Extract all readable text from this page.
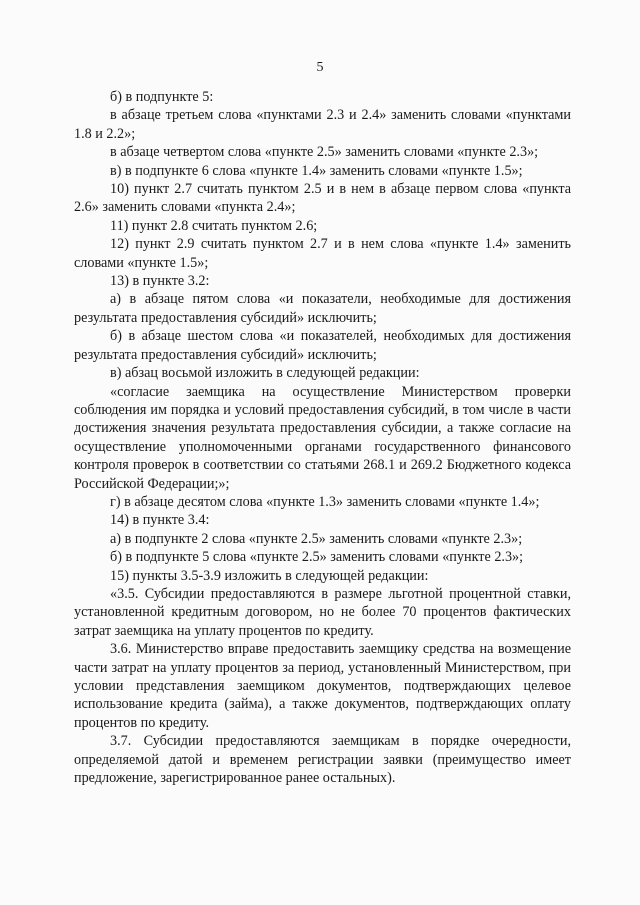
5

б) в подпункте 5:

в абзаце третьем слова «пунктами 2.3 и 2.4» заменить словами «пунктами 1.8 и 2.2»;

в абзаце четвертом слова «пункте 2.5» заменить словами «пункте 2.3»;

в) в подпункте 6 слова «пункте 1.4» заменить словами «пункте 1.5»;

10) пункт 2.7 считать пунктом 2.5 и в нем в абзаце первом слова «пункта 2.6» заменить словами «пункта 2.4»;

11) пункт 2.8 считать пунктом 2.6;

12) пункт 2.9 считать пунктом 2.7 и в нем слова «пункте 1.4» заменить словами «пункте 1.5»;

13) в пункте 3.2:

а) в абзаце пятом слова «и показатели, необходимые для достижения результата предоставления субсидий» исключить;

б) в абзаце шестом слова «и показателей, необходимых для достижения результата предоставления субсидий» исключить;

в) абзац восьмой изложить в следующей редакции:

«согласие заемщика на осуществление Министерством проверки соблюдения им порядка и условий предоставления субсидий, в том числе в части достижения значения результата предоставления субсидии, а также согласие на осуществление уполномоченными органами государственного финансового контроля проверок в соответствии со статьями 268.1 и 269.2 Бюджетного кодекса Российской Федерации;»;

г) в абзаце десятом слова «пункте 1.3» заменить словами «пункте 1.4»;

14) в пункте 3.4:

а) в подпункте 2 слова «пункте 2.5» заменить словами «пункте 2.3»;

б) в подпункте 5 слова «пункте 2.5» заменить словами «пункте 2.3»;

15) пункты 3.5-3.9 изложить в следующей редакции:

«3.5. Субсидии предоставляются в размере льготной процентной ставки, установленной кредитным договором, но не более 70 процентов фактических затрат заемщика на уплату процентов по кредиту.

3.6. Министерство вправе предоставить заемщику средства на возмещение части затрат на уплату процентов за период, установленный Министерством, при условии представления заемщиком документов, подтверждающих целевое использование кредита (займа), а также документов, подтверждающих оплату процентов по кредиту.

3.7. Субсидии предоставляются заемщикам в порядке очередности, определяемой датой и временем регистрации заявки (преимущество имеет предложение, зарегистрированное ранее остальных).
